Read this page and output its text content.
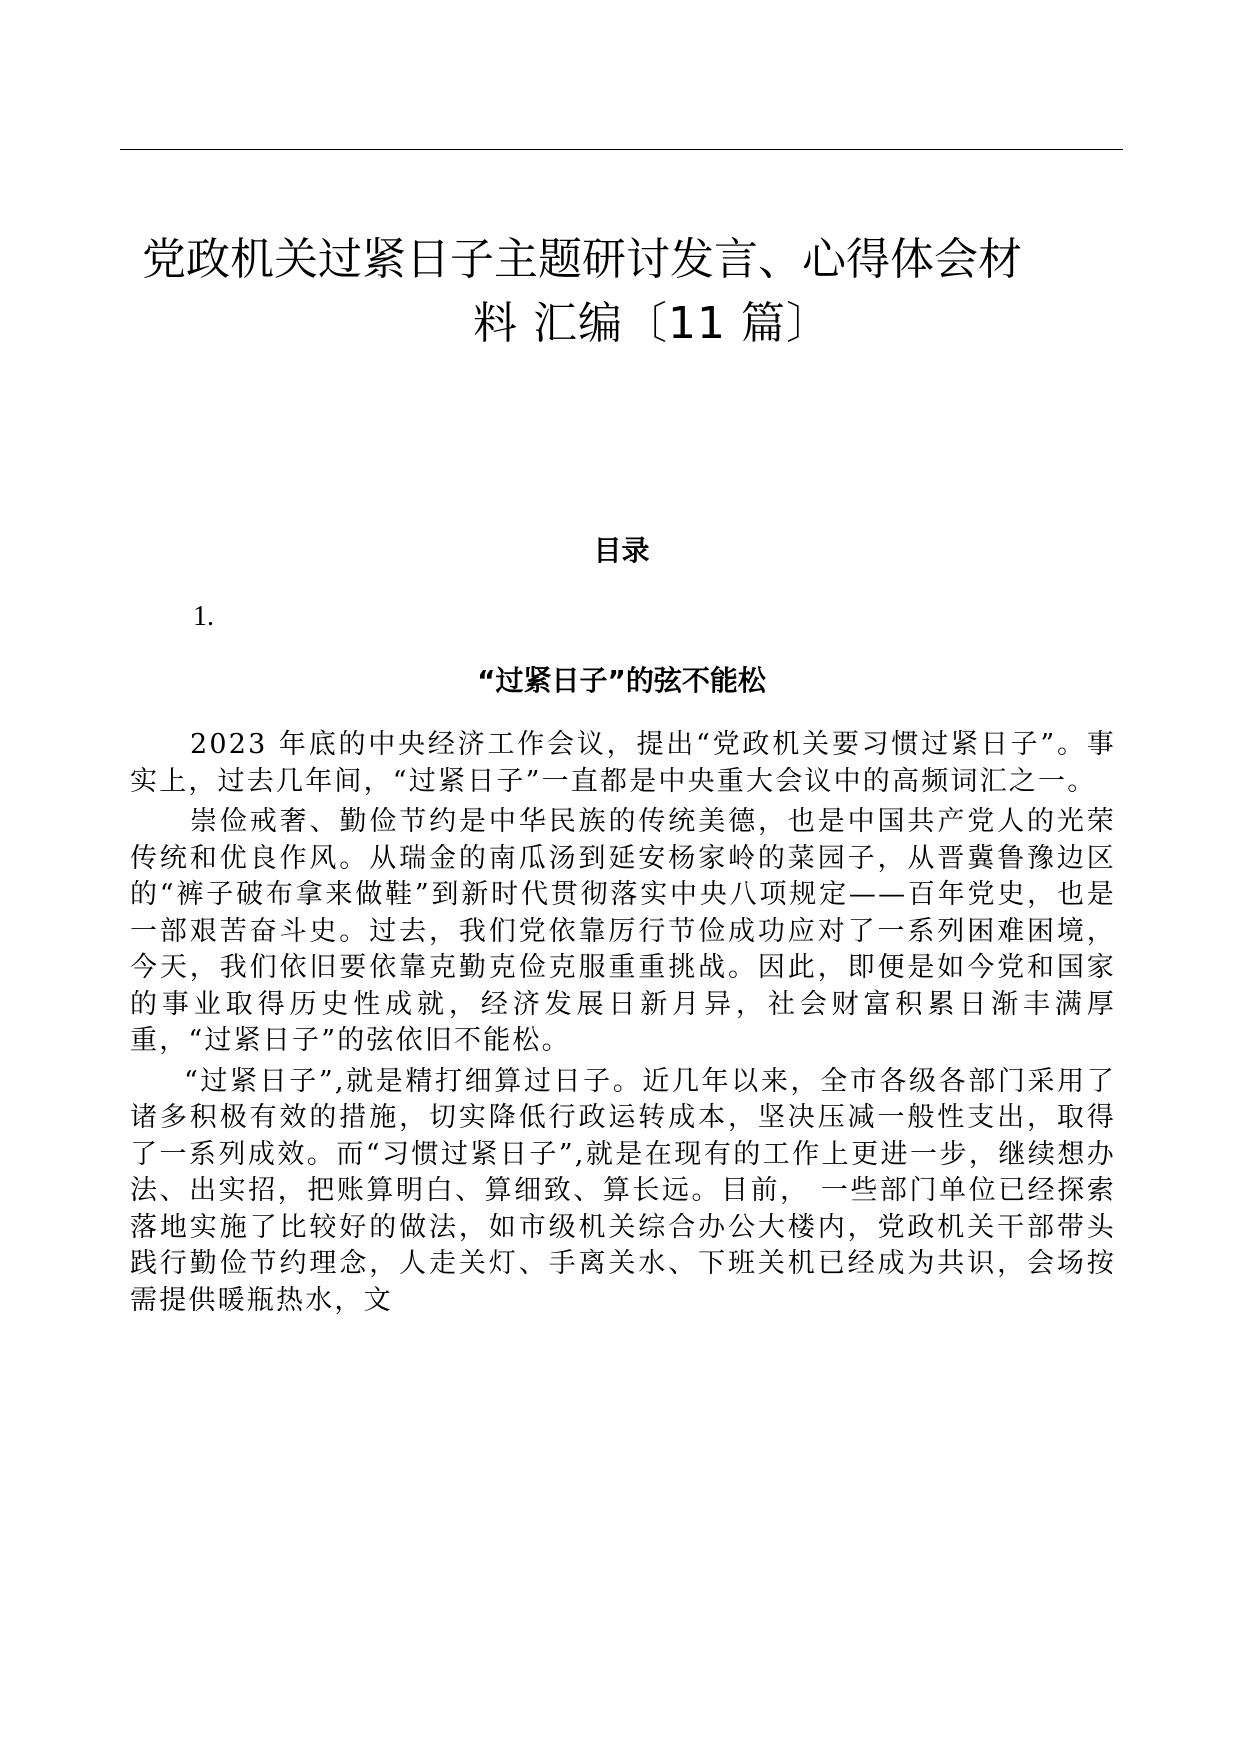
党政机关过紧日子主题研讨发言、心得体会材
料 汇编〔11 篇〕
目录
1.
“过紧日子”的弦不能松

2023 年底的中央经济工作会议，提出“党政机关要习惯过紧日子”。事实上，过去几年间，“过紧日子”一直都是中央重大会议中的高频词汇之一。

崇俭戒奢、勤俭节约是中华民族的传统美德，也是中国共产党人的光荣传统和优良作风。从瑞金的南瓜汤到延安杨家岭的菜园子，从晋冀鲁豫边区的“裤子破布拿来做鞋”到新时代贯彻落实中央八项规定——百年党史，也是一部艰苦奋斗史。过去，我们党依靠厉行节俭成功应对了一系列困难困境，今天，我们依旧要依靠克勤克俭克服重重挑战。因此，即便是如今党和国家的事业取得历史性成就，经济发展日新月异，社会财富积累日渐丰满厚重，“过紧日子”的弦依旧不能松。

“过紧日子”,就是精打细算过日子。近几年以来，全市各级各部门采用了诸多积极有效的措施，切实降低行政运转成本，坚决压减一般性支出，取得了一系列成效。而“习惯过紧日子”,就是在现有的工作上更进一步，继续想办法、出实招，把账算明白、算细致、算长远。目前， 一些部门单位已经探索落地实施了比较好的做法，如市级机关综合办公大楼内，党政机关干部带头践行勤俭节约理念，人走关灯、手离关水、下班关机已经成为共识，会场按需提供暖瓶热水，文
